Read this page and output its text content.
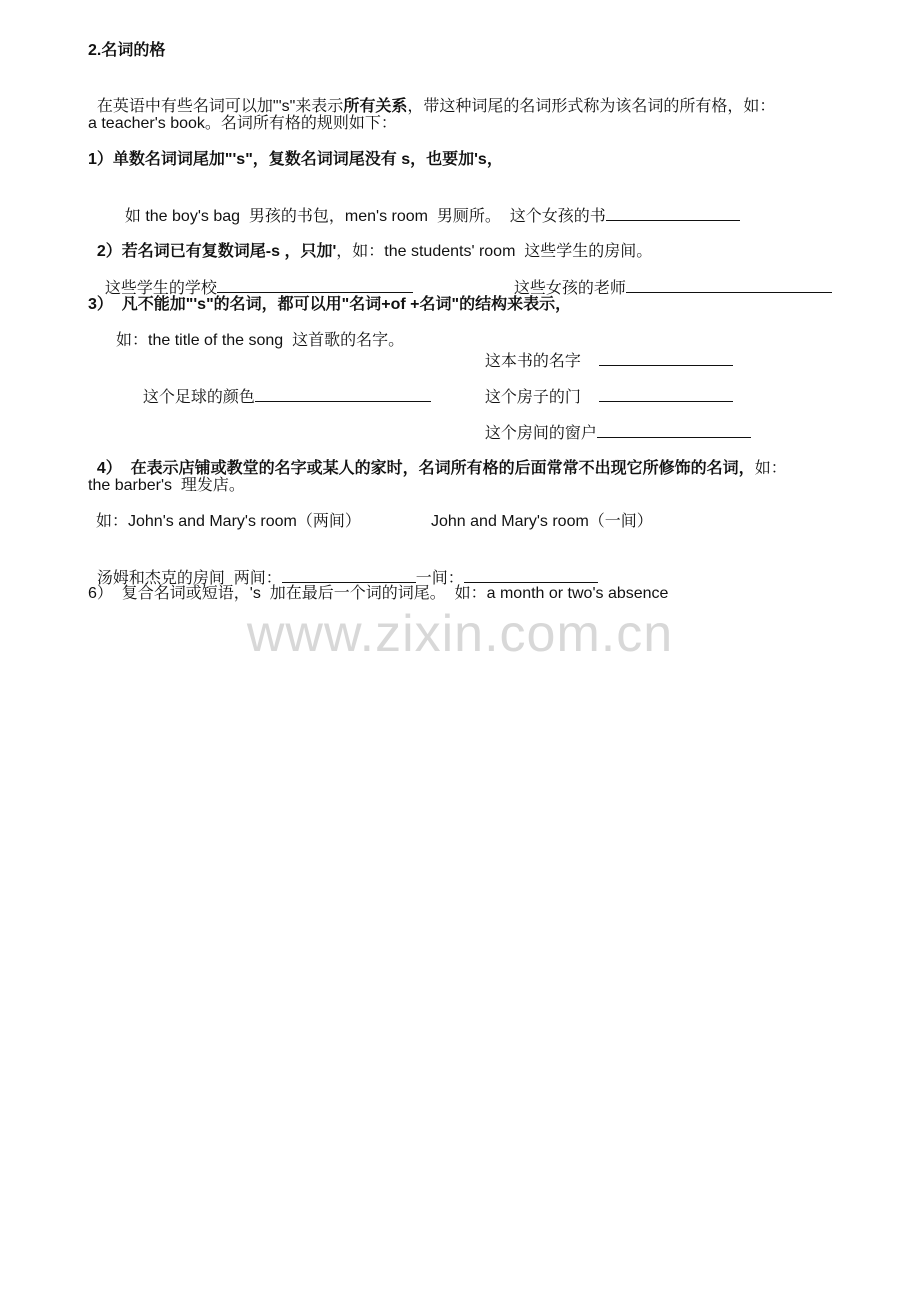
2.名词的格

在英语中有些名词可以加"'s"来表示所有关系，带这种词尾的名词形式称为该名词的所有格，如：

a teacher's book。名词所有格的规则如下：
1）单数名词词尾加"'s"，复数名词词尾没有 s，也要加's，

如 the boy's bag  男孩的书包，men's room  男厕所。  这个女孩的书

2）若名词已有复数词尾-s ，只加'，如：the students' room  这些学生的房间。

这些学生的学校	这些女孩的老师

3）  凡不能加"'s"的名词，都可以用"名词+of +名词"的结构来表示，
如：the title of the song  这首歌的名字。

这本书的名字

这个足球的颜色	这个房子的门

这个房间的窗户

4）  在表示店铺或教堂的名字或某人的家时，名词所有格的后面常常不出现它所修饰的名词，如：

the barber's  理发店。
如：John's and Mary's room（两间）	John and Mary's room（一间）

汤姆和杰克的房间  两间：	一间：

6）  复合名词或短语，'s  加在最后一个词的词尾。  如：a month or two's absence
www.zixin.com.cn
